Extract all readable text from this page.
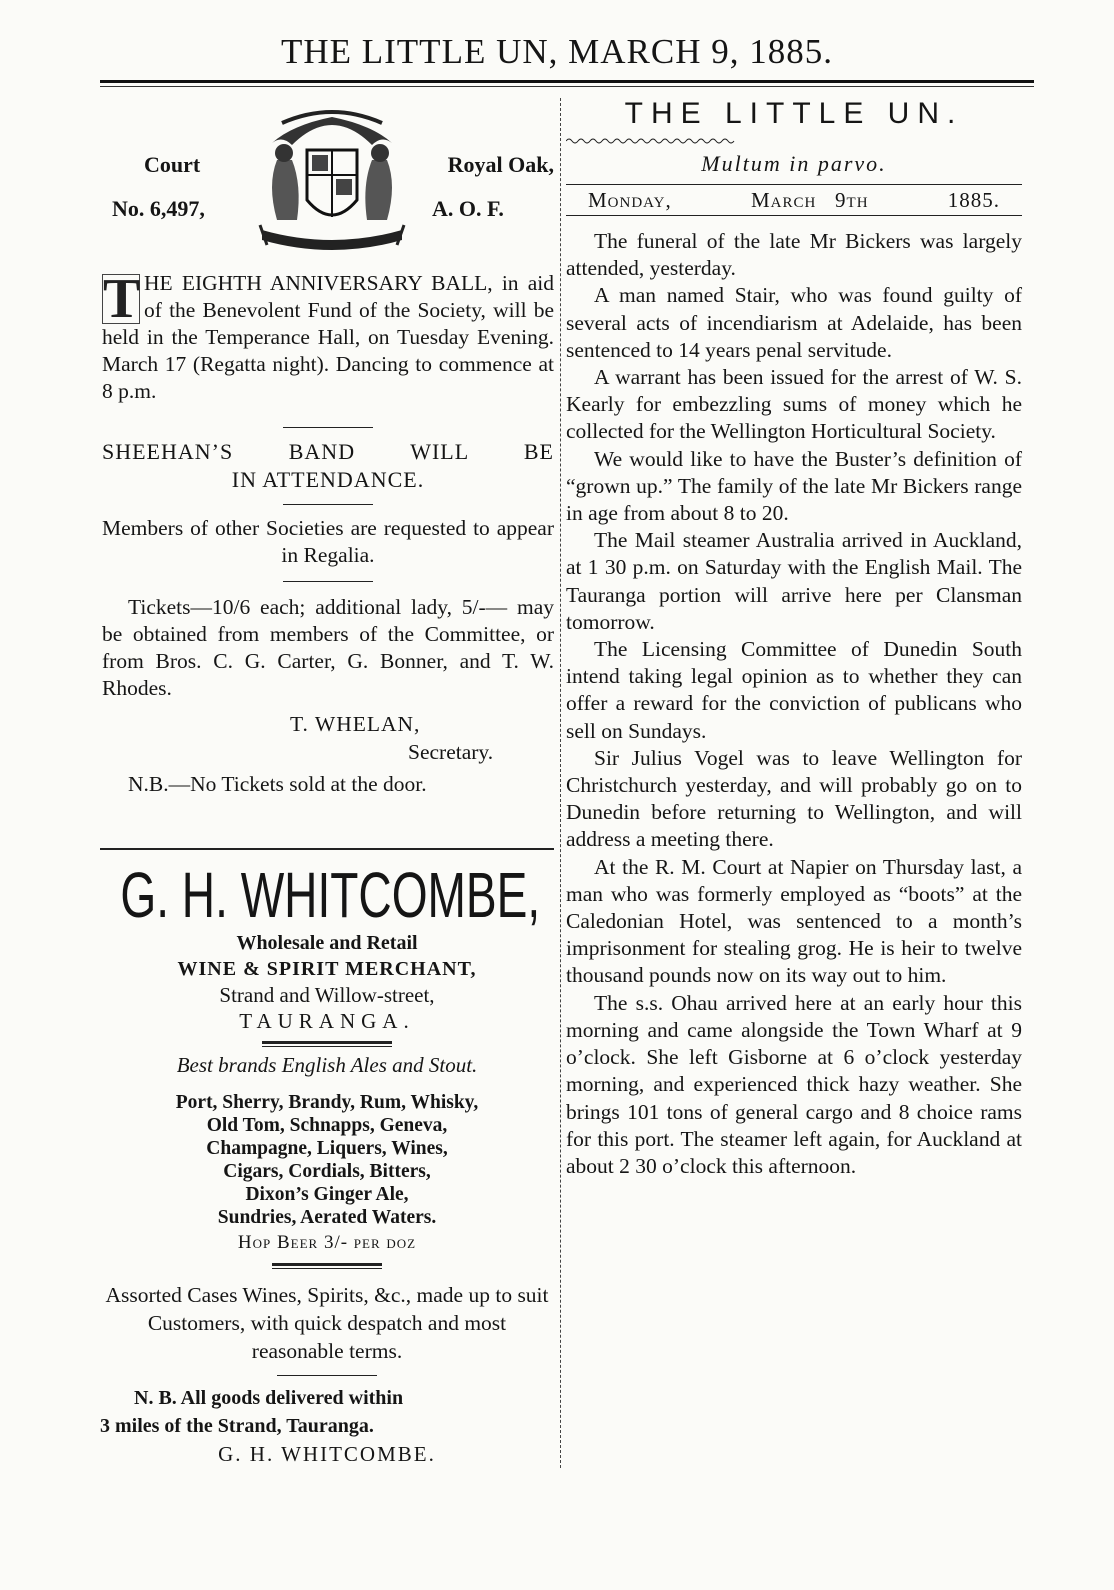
THE LITTLE UN, MARCH 9, 1885.
Court
No. 6,497,
Royal Oak,
A. O. F.
T HE EIGHTH ANNIVERSARY BALL, in aid of the Benevolent Fund of the Society, will be held in the Temperance Hall, on Tuesday Evening. March 17 (Regatta night). Dancing to commence at 8 p.m.

SHEEHAN’S BAND WILL BE
IN ATTENDANCE.

Members of other Societies are requested to appear in Regalia.

Tickets—10/6 each; additional lady, 5/-— may be obtained from members of the Committee, or from Bros. C. G. Carter, G. Bonner, and T. W. Rhodes.

T. WHELAN,
Secretary.
N.B.—No Tickets sold at the door.
G. H. WHITCOMBE,
Wholesale and Retail
WINE & SPIRIT MERCHANT,
Strand and Willow-street,
TAURANGA.
Best brands English Ales and Stout.
Port, Sherry, Brandy, Rum, Whisky,
Old Tom, Schnapps, Geneva,
Champagne, Liquers, Wines,
Cigars, Cordials, Bitters,
Dixon’s Ginger Ale,
Sundries, Aerated Waters.
Hop Beer 3/- per doz
Assorted Cases Wines, Spirits, &c., made up to suit Customers, with quick despatch and most reasonable terms.
N. B. All goods delivered within
3 miles of the Strand, Tauranga.
G. H. WHITCOMBE.
THE LITTLE UN.
Multum in parvo.
Monday,	March   9th	1885.

The funeral of the late Mr Bickers was largely attended, yesterday.

A man named Stair, who was found guilty of several acts of incendiarism at Adelaide, has been sentenced to 14 years penal servitude.

A warrant has been issued for the arrest of W. S. Kearly for embezzling sums of money which he collected for the Wellington Horticultural Society.

We would like to have the Buster’s definition of “grown up.” The family of the late Mr Bickers range in age from about 8 to 20.

The Mail steamer Australia arrived in Auckland, at 1 30 p.m. on Saturday with the English Mail. The Tauranga portion will arrive here per Clansman tomorrow.

The Licensing Committee of Dunedin South intend taking legal opinion as to whether they can offer a reward for the conviction of publicans who sell on Sundays.

Sir Julius Vogel was to leave Wellington for Christchurch yesterday, and will probably go on to Dunedin before returning to Wellington, and will address a meeting there.

At the R. M. Court at Napier on Thursday last, a man who was formerly employed as “boots” at the Caledonian Hotel, was sentenced to a month’s imprisonment for stealing grog. He is heir to twelve thousand pounds now on its way out to him.

The s.s. Ohau arrived here at an early hour this morning and came alongside the Town Wharf at 9 o’clock. She left Gisborne at 6 o’clock yesterday morning, and experienced thick hazy weather. She brings 101 tons of general cargo and 8 choice rams for this port. The steamer left again, for Auckland at about 2 30 o’clock this afternoon.
